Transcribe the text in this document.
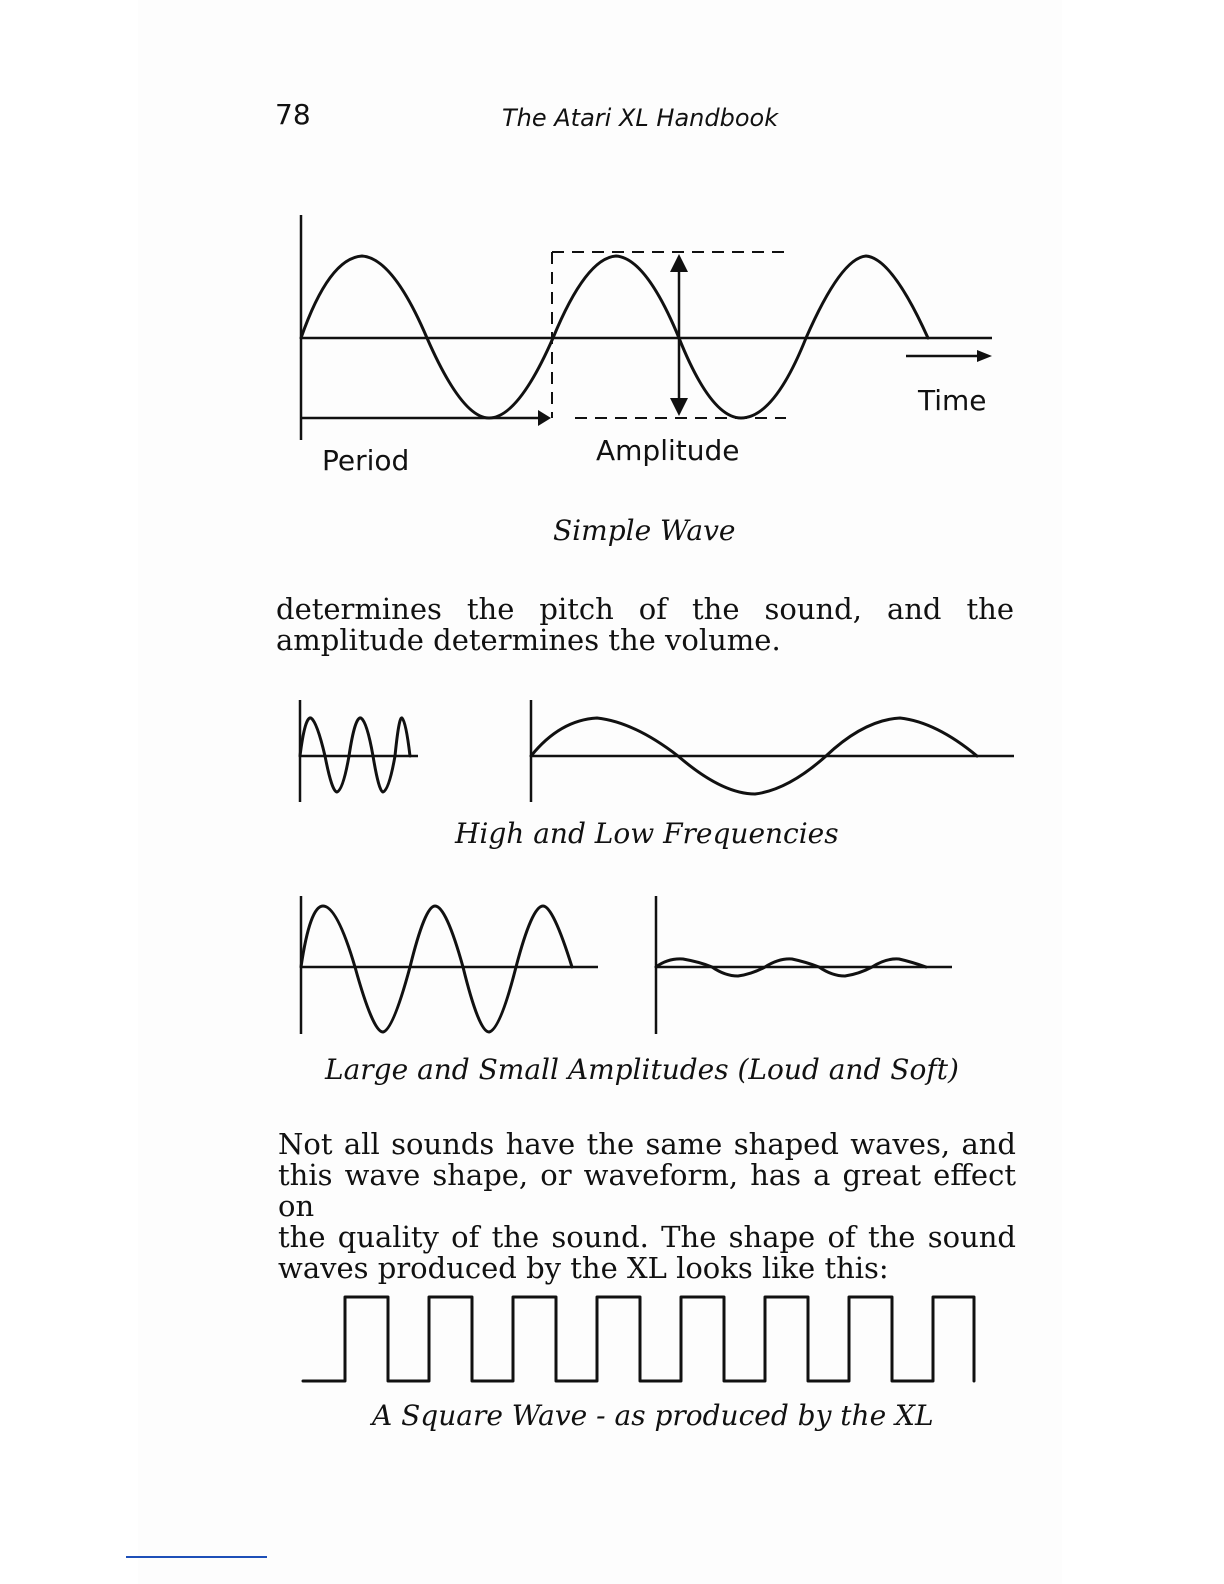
78	The Atari XL Handbook
Period	Amplitude
Time
Simple Wave
determines the pitch of the sound, and the
amplitude determines the volume.
High and Low Frequencies
Large and Small Amplitudes (Loud and Soft)
Not all sounds have the same shaped waves, and
this wave shape, or waveform, has a great effect on
the quality of the sound. The shape of the sound
waves produced by the XL looks like this:
A Square Wave - as produced by the XL
